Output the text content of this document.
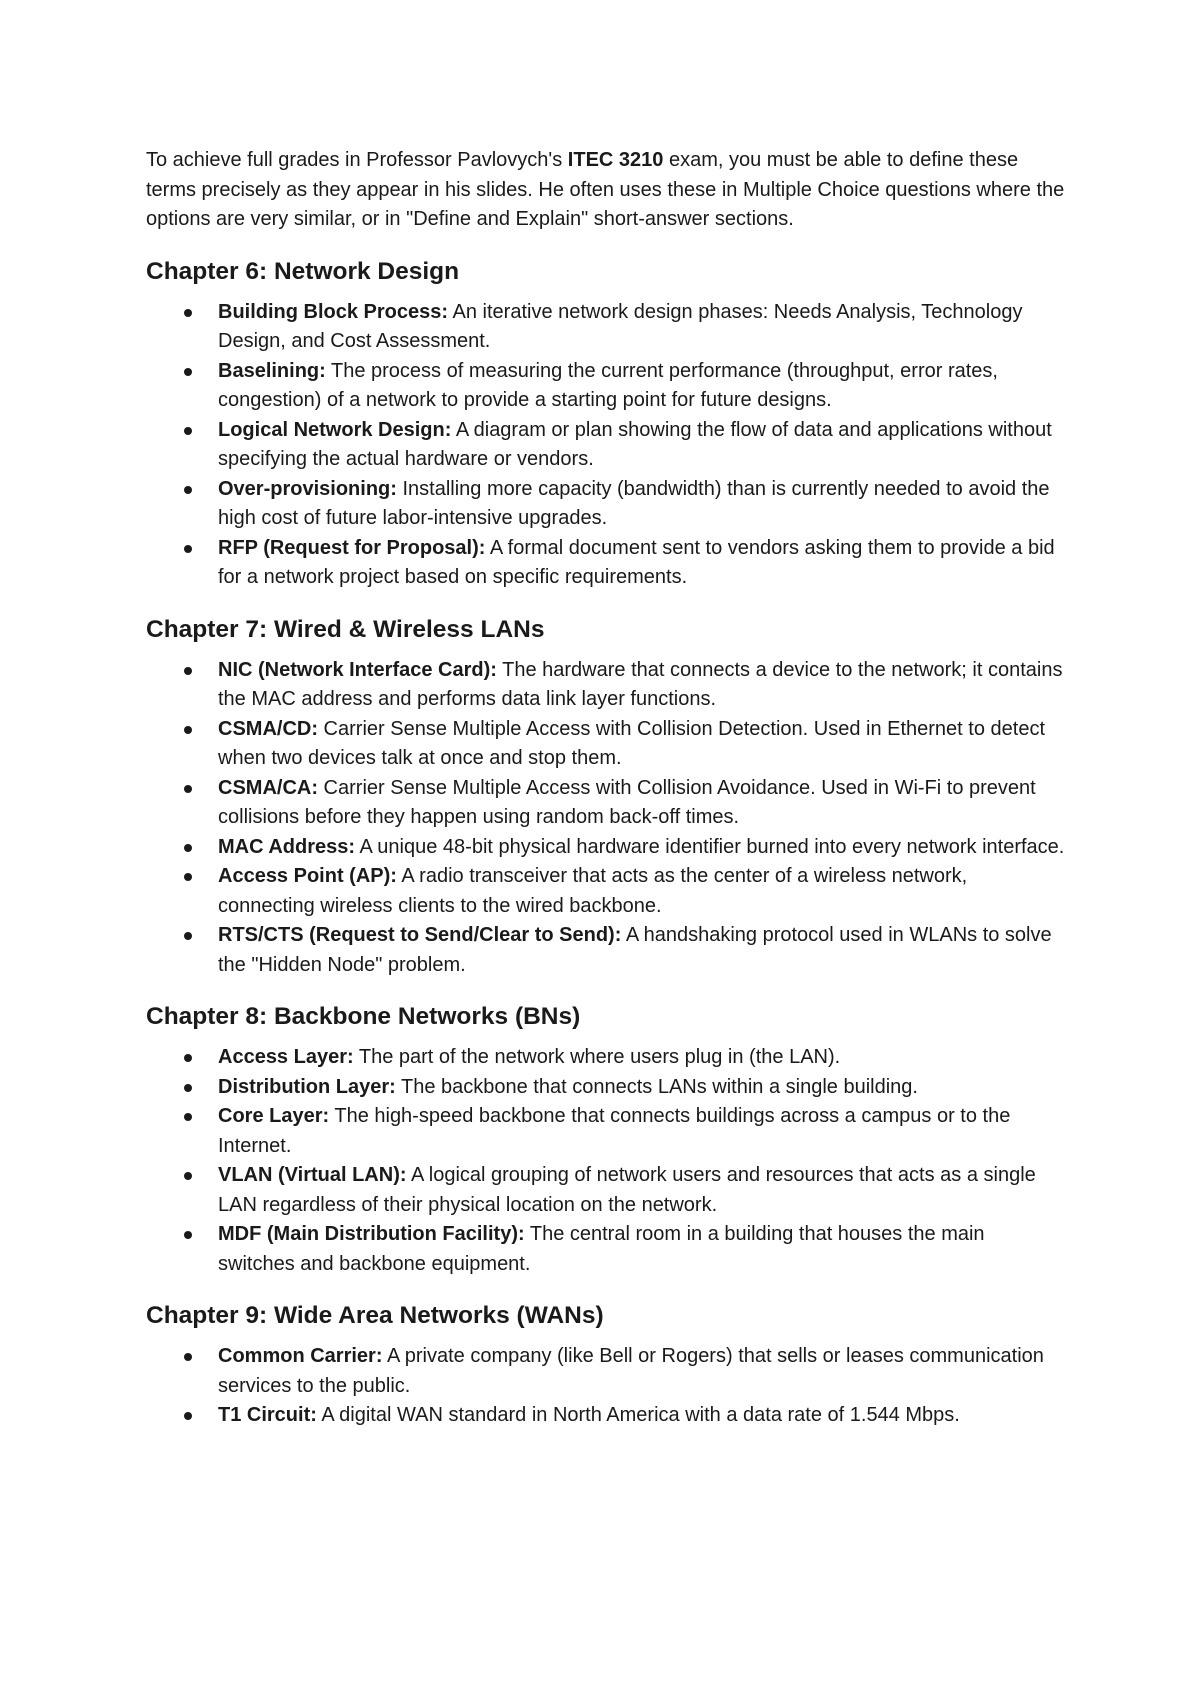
To achieve full grades in Professor Pavlovych's ITEC 3210 exam, you must be able to define these terms precisely as they appear in his slides. He often uses these in Multiple Choice questions where the options are very similar, or in "Define and Explain" short-answer sections.

Chapter 6: Network Design
Building Block Process: An iterative network design phases: Needs Analysis, Technology Design, and Cost Assessment.
Baselining: The process of measuring the current performance (throughput, error rates, congestion) of a network to provide a starting point for future designs.
Logical Network Design: A diagram or plan showing the flow of data and applications without specifying the actual hardware or vendors.
Over-provisioning: Installing more capacity (bandwidth) than is currently needed to avoid the high cost of future labor-intensive upgrades.
RFP (Request for Proposal): A formal document sent to vendors asking them to provide a bid for a network project based on specific requirements.
Chapter 7: Wired & Wireless LANs
NIC (Network Interface Card): The hardware that connects a device to the network; it contains the MAC address and performs data link layer functions.
CSMA/CD: Carrier Sense Multiple Access with Collision Detection. Used in Ethernet to detect when two devices talk at once and stop them.
CSMA/CA: Carrier Sense Multiple Access with Collision Avoidance. Used in Wi-Fi to prevent collisions before they happen using random back-off times.
MAC Address: A unique 48-bit physical hardware identifier burned into every network interface.
Access Point (AP): A radio transceiver that acts as the center of a wireless network, connecting wireless clients to the wired backbone.
RTS/CTS (Request to Send/Clear to Send): A handshaking protocol used in WLANs to solve the "Hidden Node" problem.
Chapter 8: Backbone Networks (BNs)
Access Layer: The part of the network where users plug in (the LAN).
Distribution Layer: The backbone that connects LANs within a single building.
Core Layer: The high-speed backbone that connects buildings across a campus or to the Internet.
VLAN (Virtual LAN): A logical grouping of network users and resources that acts as a single LAN regardless of their physical location on the network.
MDF (Main Distribution Facility): The central room in a building that houses the main switches and backbone equipment.
Chapter 9: Wide Area Networks (WANs)
Common Carrier: A private company (like Bell or Rogers) that sells or leases communication services to the public.
T1 Circuit: A digital WAN standard in North America with a data rate of 1.544 Mbps.
